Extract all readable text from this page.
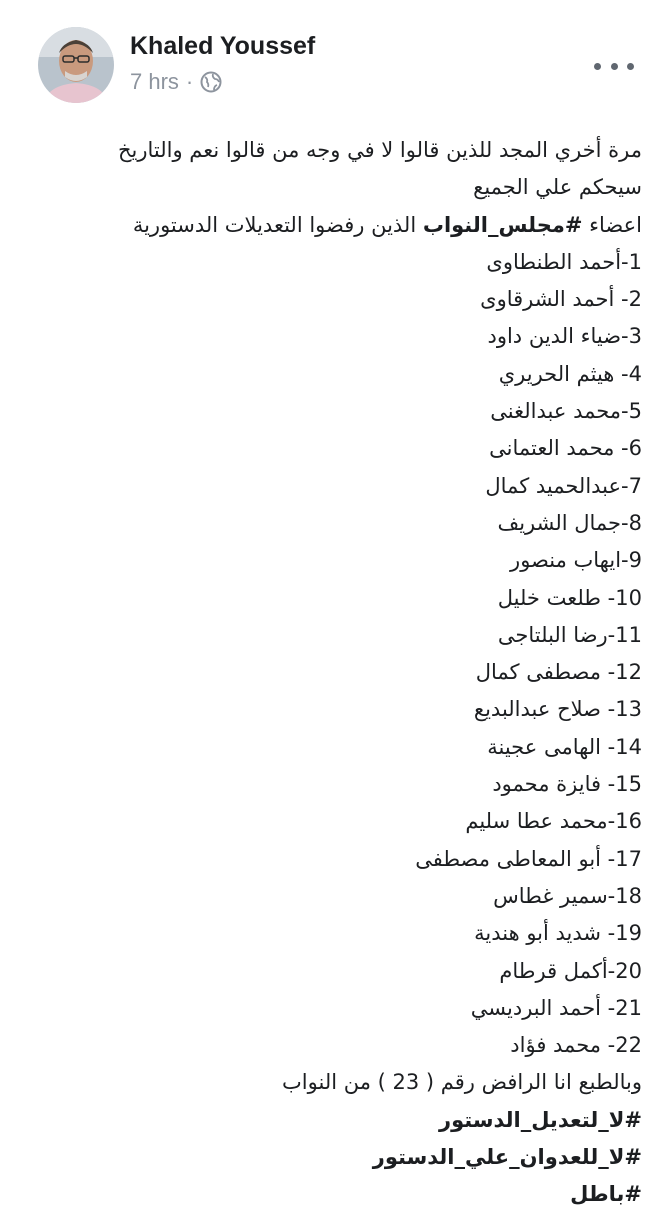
Khaled Youssef
7 hrs ·
مرة أخري المجد للذين قالوا لا في وجه من قالوا نعم والتاريخ
سيحكم علي الجميع
اعضاء #مجلس_النواب الذين رفضوا التعديلات الدستورية
1-أحمد الطنطاوى
2- أحمد الشرقاوى
3-ضياء الدين داود
4- هيثم الحريري
5-محمد عبدالغنى
6- محمد العتمانى
7-عبدالحميد كمال
8-جمال الشريف
9-ايهاب منصور
10- طلعت خليل
11-رضا البلتاجى
12- مصطفى كمال
13- صلاح عبدالبديع
14- الهامى عجينة
15- فايزة محمود
16-محمد عطا سليم
17- أبو المعاطى مصطفى
18-سمير غطاس
19- شديد أبو هندية
20-أكمل قرطام
21- أحمد البرديسي
22- محمد فؤاد
وبالطبع انا الرافض رقم ( 23 ) من النواب
#لا_لتعديل_الدستور
#لا_للعدوان_علي_الدستور
#باطل
